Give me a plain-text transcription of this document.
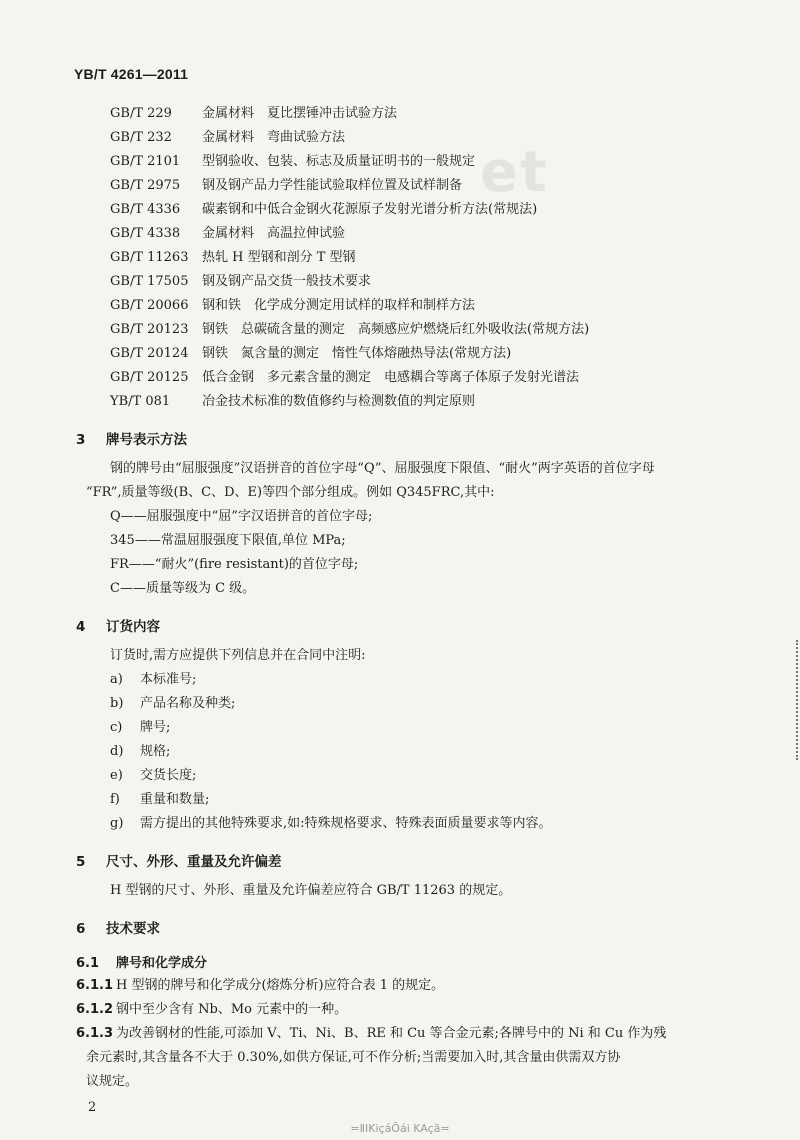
et
YB/T 4261—2011
GB/T 229 金属材料　夏比摆锤冲击试验方法
GB/T 232 金属材料　弯曲试验方法
GB/T 2101 型钢验收、包装、标志及质量证明书的一般规定
GB/T 2975 钢及钢产品力学性能试验取样位置及试样制备
GB/T 4336 碳素钢和中低合金钢火花源原子发射光谱分析方法(常规法)
GB/T 4338 金属材料　高温拉伸试验
GB/T 11263 热轧 H 型钢和剖分 T 型钢
GB/T 17505 钢及钢产品交货一般技术要求
GB/T 20066 钢和铁　化学成分测定用试样的取样和制样方法
GB/T 20123 钢铁　总碳硫含量的测定　高频感应炉燃烧后红外吸收法(常规方法)
GB/T 20124 钢铁　氮含量的测定　惰性气体熔融热导法(常规方法)
GB/T 20125 低合金钢　多元素含量的测定　电感耦合等离子体原子发射光谱法
YB/T 081 冶金技术标准的数值修约与检测数值的判定原则
3 牌号表示方法
钢的牌号由“屈服强度”汉语拼音的首位字母“Q”、屈服强度下限值、“耐火”两字英语的首位字母
“FR”,质量等级(B、C、D、E)等四个部分组成。例如 Q345FRC,其中:
Q——屈服强度中“屈”字汉语拼音的首位字母;
345——常温屈服强度下限值,单位 MPa;
FR——“耐火”(fire resistant)的首位字母;
C——质量等级为 C 级。
4 订货内容
订货时,需方应提供下列信息并在合同中注明:
a) 本标准号;
b) 产品名称及种类;
c) 牌号;
d) 规格;
e) 交货长度;
f) 重量和数量;
g) 需方提出的其他特殊要求,如:特殊规格要求、特殊表面质量要求等内容。
5 尺寸、外形、重量及允许偏差
H 型钢的尺寸、外形、重量及允许偏差应符合 GB/T 11263 的规定。
6 技术要求
6.1 牌号和化学成分
6.1.1 H 型钢的牌号和化学成分(熔炼分析)应符合表 1 的规定。
6.1.2 钢中至少含有 Nb、Mo 元素中的一种。
6.1.3 为改善钢材的性能,可添加 V、Ti、Ni、B、RE 和 Cu 等合金元素;各牌号中的 Ni 和 Cu 作为残
余元素时,其含量各不大于 0.30%,如供方保证,可不作分析;当需要加入时,其含量由供需双方协
议规定。
2
=ⅡⅠKiçáÕái KAçã=
